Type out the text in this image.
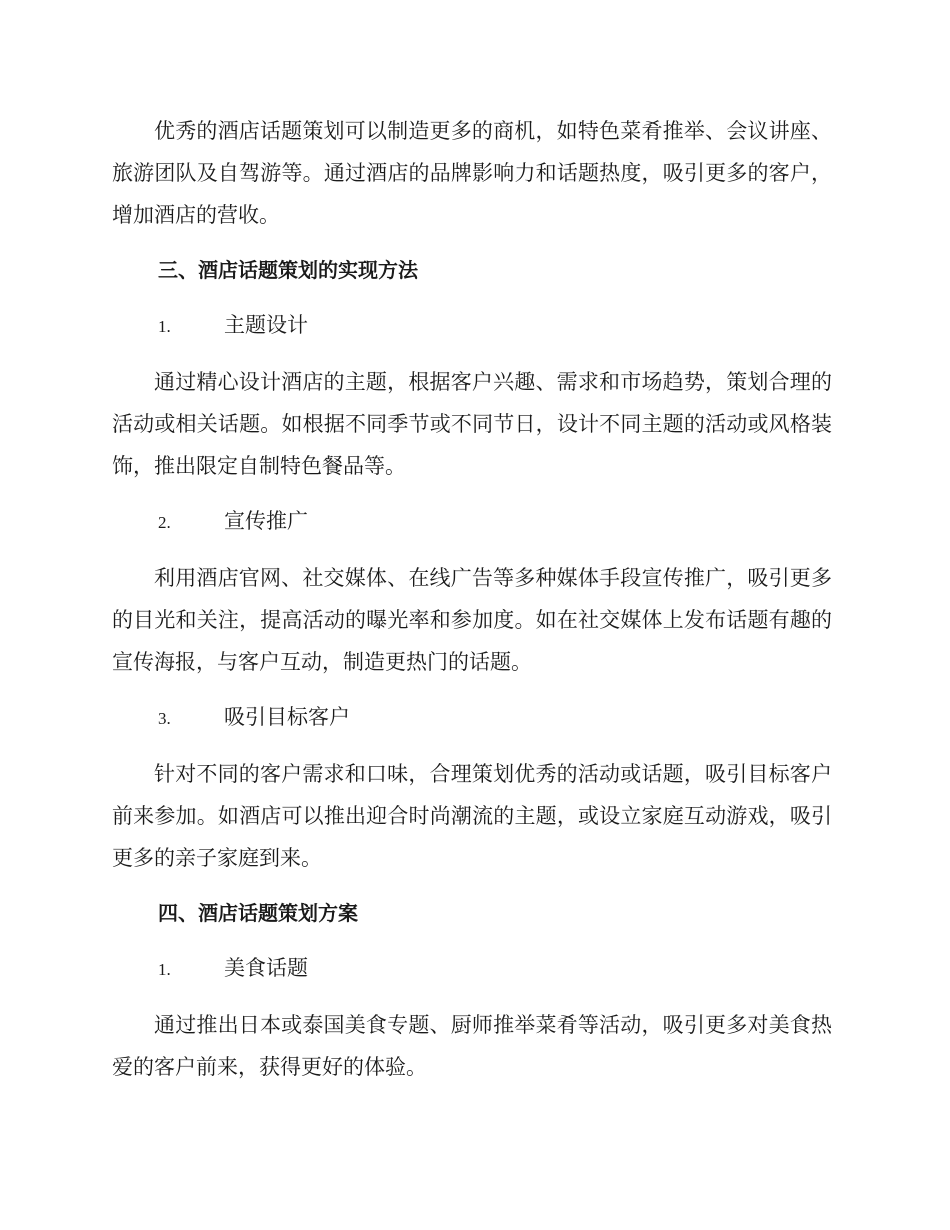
优秀的酒店话题策划可以制造更多的商机，如特色菜肴推举、会议讲座、旅游团队及自驾游等。通过酒店的品牌影响力和话题热度，吸引更多的客户，增加酒店的营收。

三、酒店话题策划的实现方法

1.	主题设计

通过精心设计酒店的主题，根据客户兴趣、需求和市场趋势，策划合理的活动或相关话题。如根据不同季节或不同节日，设计不同主题的活动或风格装饰，推出限定自制特色餐品等。

2.	宣传推广

利用酒店官网、社交媒体、在线广告等多种媒体手段宣传推广，吸引更多的目光和关注，提高活动的曝光率和参加度。如在社交媒体上发布话题有趣的宣传海报，与客户互动，制造更热门的话题。

3.	吸引目标客户

针对不同的客户需求和口味，合理策划优秀的活动或话题，吸引目标客户前来参加。如酒店可以推出迎合时尚潮流的主题，或设立家庭互动游戏，吸引更多的亲子家庭到来。

四、酒店话题策划方案

1.	美食话题

通过推出日本或泰国美食专题、厨师推举菜肴等活动，吸引更多对美食热爱的客户前来，获得更好的体验。
